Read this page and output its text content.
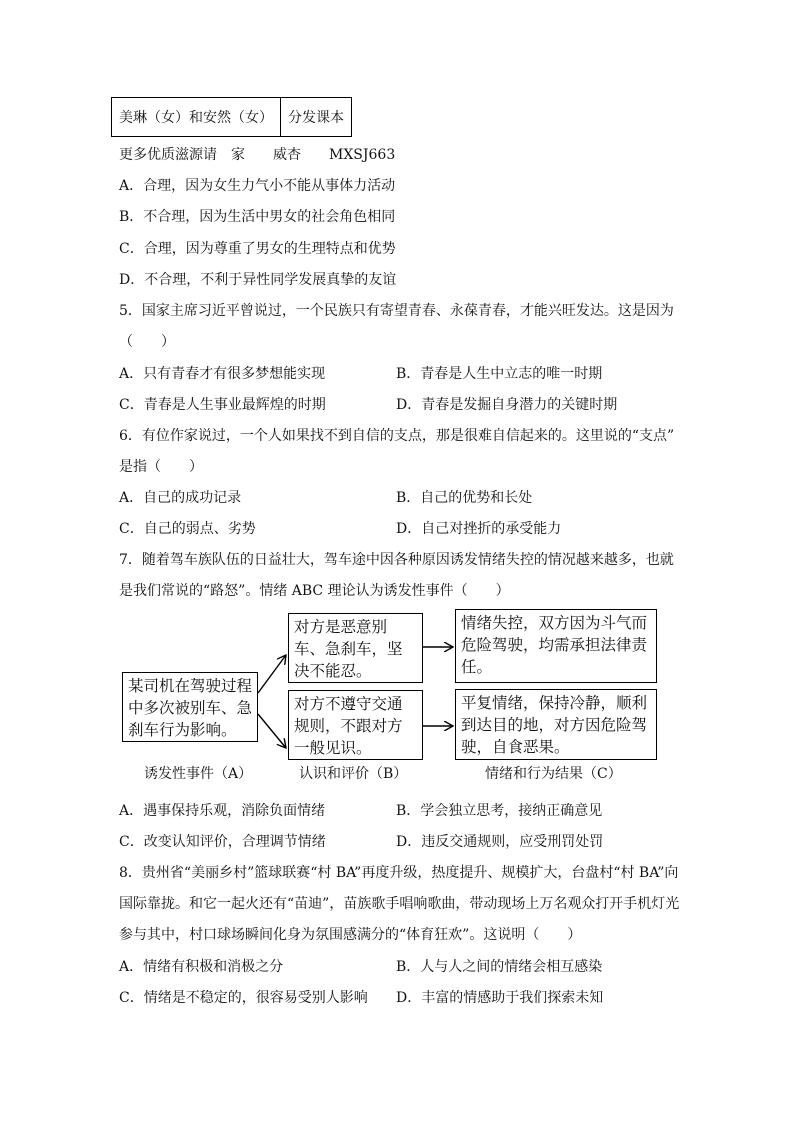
美琳（女）和安然（女）	分发课本
更多优质滋源请　家　　威杏　　MXSJ663
A．合理，因为女生力气小不能从事体力活动
B．不合理，因为生活中男女的社会角色相同
C．合理，因为尊重了男女的生理特点和优势
D．不合理，不利于异性同学发展真挚的友谊
5．国家主席习近平曾说过，一个民族只有寄望青春、永葆青春，才能兴旺发达。这是因为
（　　）
A．只有青春才有很多梦想能实现	B．青春是人生中立志的唯一时期
C．青春是人生事业最辉煌的时期	D．青春是发掘自身潜力的关键时期
6．有位作家说过，一个人如果找不到自信的支点，那是很难自信起来的。这里说的“支点”
是指（　　）
A．自己的成功记录	B．自己的优势和长处
C．自己的弱点、劣势	D．自己对挫折的承受能力
7．随着驾车族队伍的日益壮大，驾车途中因各种原因诱发情绪失控的情况越来越多，也就
是我们常说的“路怒”。情绪 ABC 理论认为诱发性事件（　　）
某司机在驾驶过程中多次被别车、急刹车行为影响。
对方是恶意别车、急刹车，坚决不能忍。
对方不遵守交通规则，不跟对方一般见识。
情绪失控，双方因为斗气而危险驾驶，均需承担法律责任。
平复情绪，保持冷静，顺利到达目的地，对方因危险驾驶，自食恶果。
诱发性事件（A）	认识和评价（B）	情绪和行为结果（C）
A．遇事保持乐观，消除负面情绪	B．学会独立思考，接纳正确意见
C．改变认知评价，合理调节情绪	D．违反交通规则，应受刑罚处罚
8．贵州省“美丽乡村”篮球联赛“村 BA”再度升级，热度提升、规模扩大，台盘村“村 BA”向
国际靠拢。和它一起火还有“苗迪”，苗族歌手唱响歌曲，带动现场上万名观众打开手机灯光
参与其中，村口球场瞬间化身为氛围感满分的“体育狂欢”。这说明（　　）
A．情绪有积极和消极之分	B．人与人之间的情绪会相互感染
C．情绪是不稳定的，很容易受别人影响 D．丰富的情感助于我们探索未知
